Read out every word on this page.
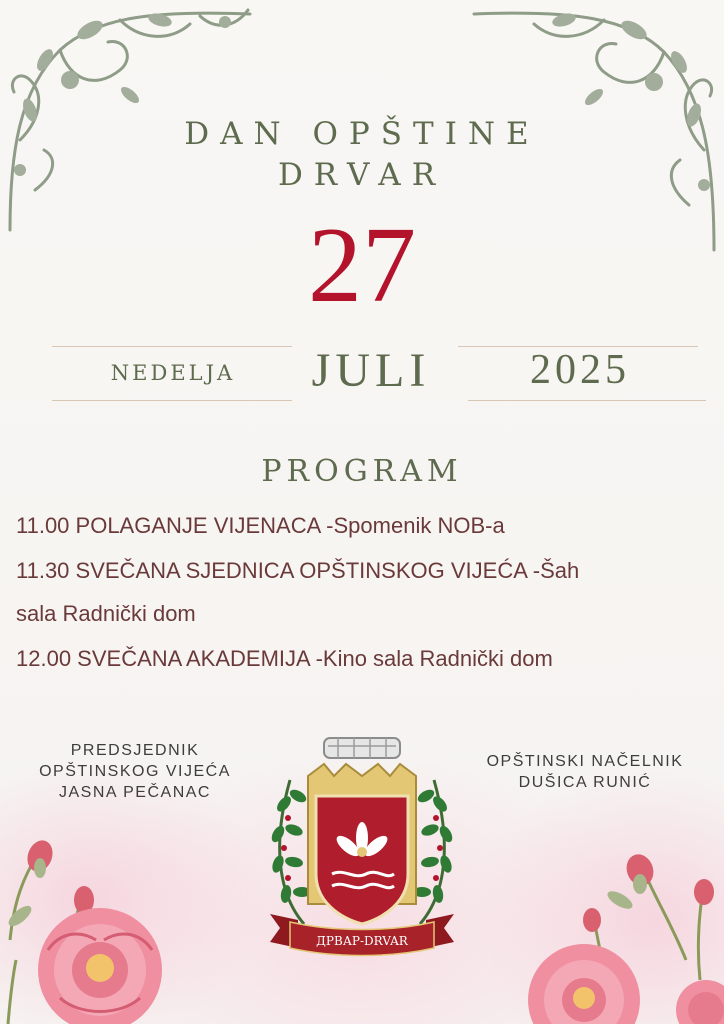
DAN OPŠTINE
DRVAR
27
NEDELJA	JULI	2025
PROGRAM
11.00 POLAGANJE VIJENACA -Spomenik NOB-a
11.30 SVEČANA SJEDNICA OPŠTINSKOG VIJEĆA -Šah
sala Radnički dom
12.00 SVEČANA AKADEMIJA -Kino sala Radnički dom
PREDSJEDNIK
OPŠTINSKOG VIJEĆA
JASNA PEČANAC
OPŠTINSKI NAČELNIK
DUŠICA RUNIĆ
ДРВАР-DRVAR
